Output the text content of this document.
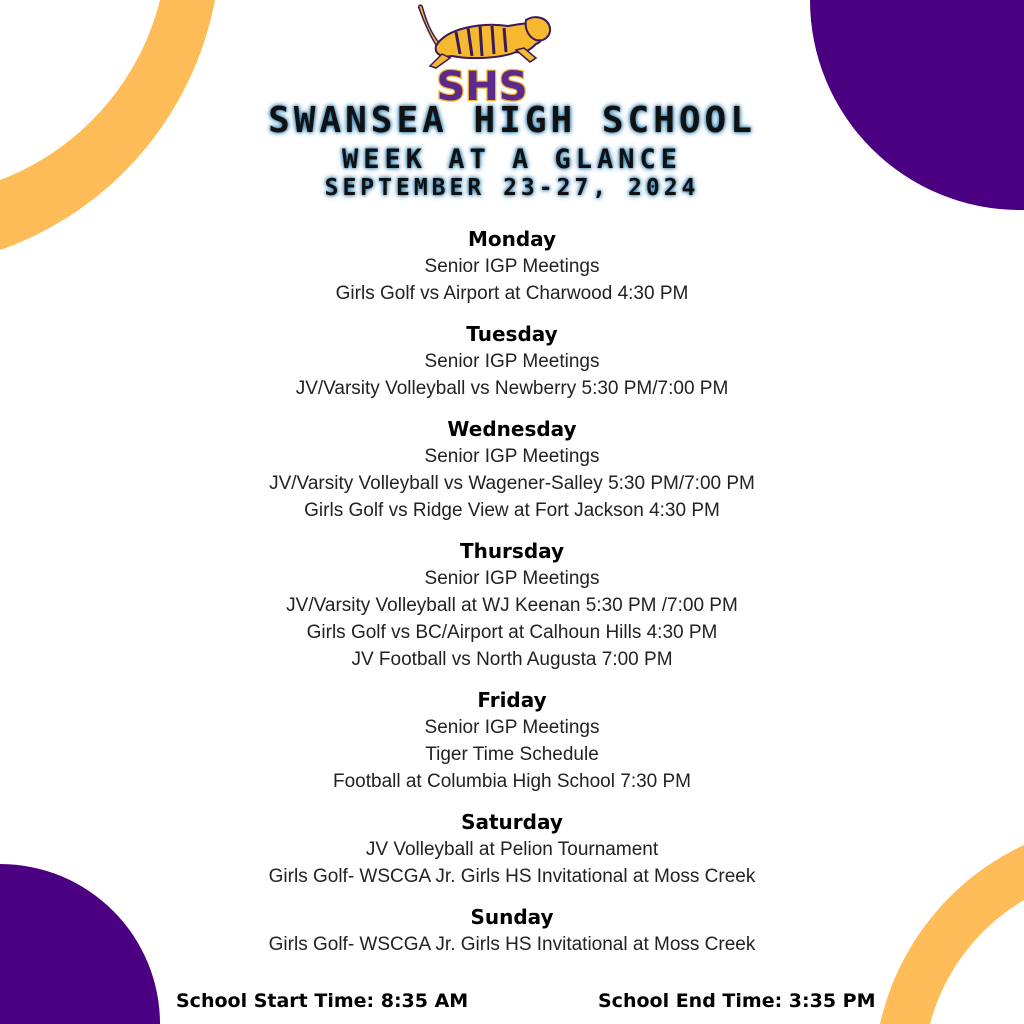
SHS
SWANSEA HIGH SCHOOL
WEEK AT A GLANCE
SEPTEMBER 23-27, 2024
Monday
Senior IGP Meetings
Girls Golf vs Airport at Charwood 4:30 PM
Tuesday
Senior IGP Meetings
JV/Varsity Volleyball vs Newberry 5:30 PM/7:00 PM
Wednesday
Senior IGP Meetings
JV/Varsity Volleyball vs Wagener-Salley 5:30 PM/7:00 PM
Girls Golf vs Ridge View at Fort Jackson 4:30 PM
Thursday
Senior IGP Meetings
JV/Varsity Volleyball at WJ Keenan 5:30 PM /7:00 PM
Girls Golf vs BC/Airport at Calhoun Hills 4:30 PM
JV Football vs North Augusta 7:00 PM
Friday
Senior IGP Meetings
Tiger Time Schedule
Football at Columbia High School 7:30 PM
Saturday
JV Volleyball at Pelion Tournament
Girls Golf- WSCGA Jr. Girls HS Invitational at Moss Creek
Sunday
Girls Golf- WSCGA Jr. Girls HS Invitational at Moss Creek
School Start Time: 8:35 AM	School End Time: 3:35 PM
